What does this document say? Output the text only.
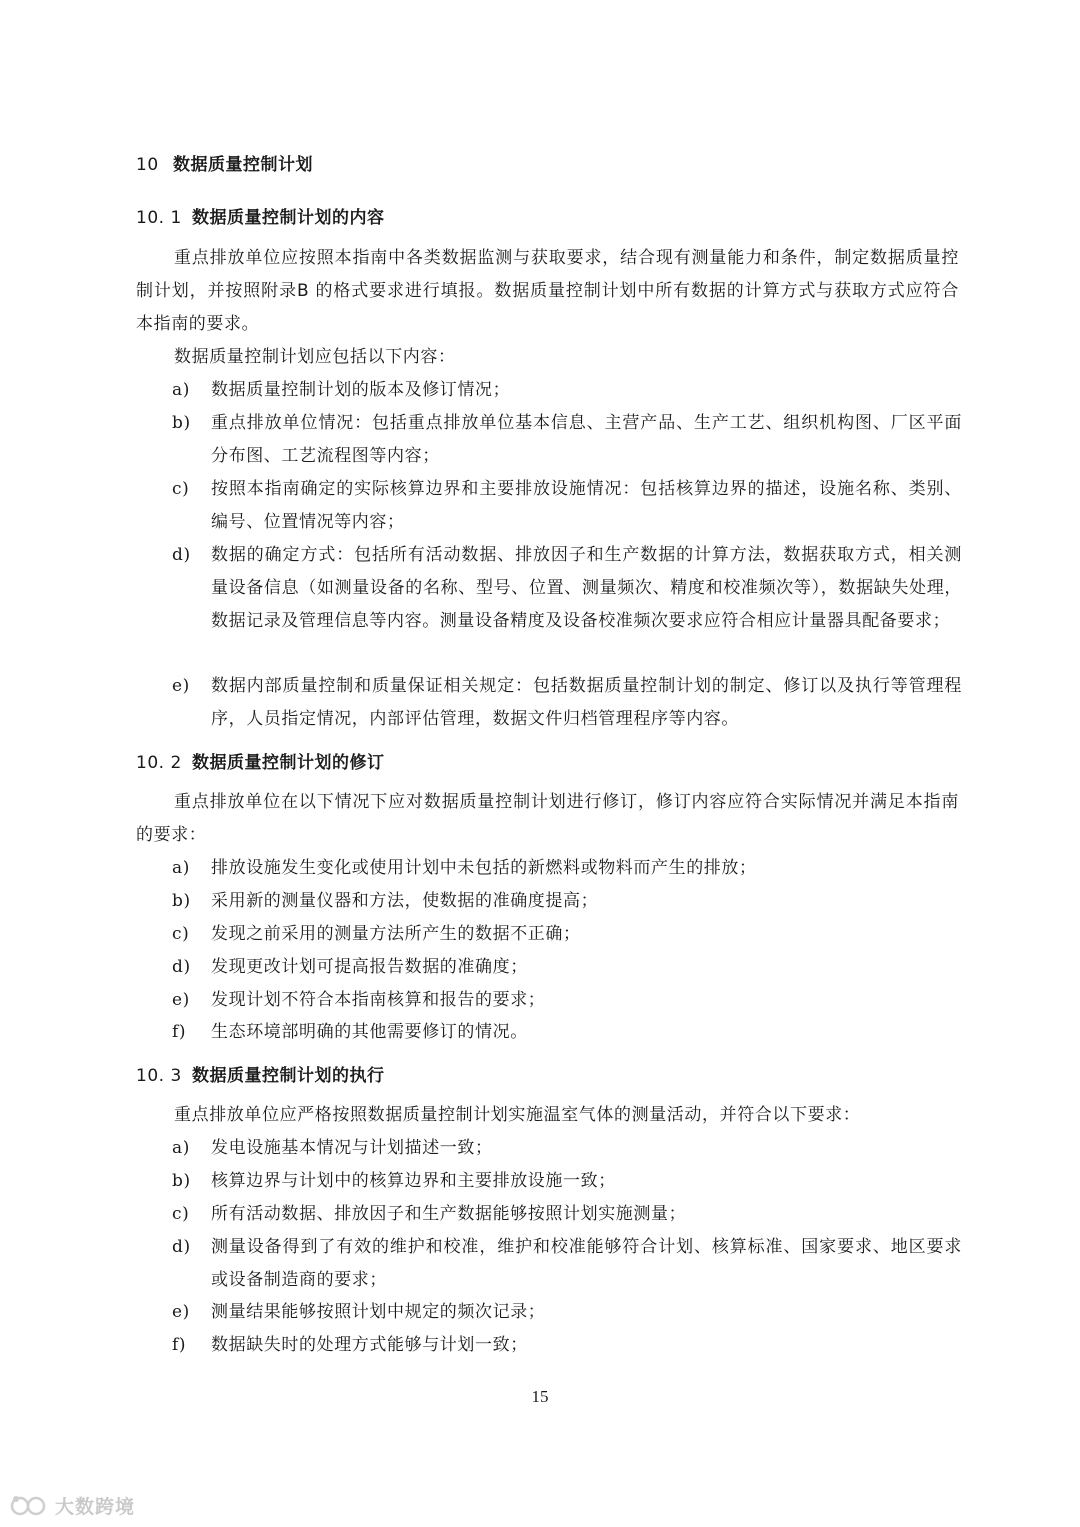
10 数据质量控制计划
10. 1 数据质量控制计划的内容

重点排放单位应按照本指南中各类数据监测与获取要求，结合现有测量能力和条件，制定数据质量控制计划，并按照附录B 的格式要求进行填报。数据质量控制计划中所有数据的计算方式与获取方式应符合本指南的要求。

数据质量控制计划应包括以下内容：

a)	数据质量控制计划的版本及修订情况；
b)	重点排放单位情况：包括重点排放单位基本信息、主营产品、生产工艺、组织机构图、厂区平面分布图、工艺流程图等内容；
c)	按照本指南确定的实际核算边界和主要排放设施情况：包括核算边界的描述，设施名称、类别、编号、位置情况等内容；
d)	数据的确定方式：包括所有活动数据、排放因子和生产数据的计算方法，数据获取方式，相关测量设备信息（如测量设备的名称、型号、位置、测量频次、精度和校准频次等），数据缺失处理，数据记录及管理信息等内容。测量设备精度及设备校准频次要求应符合相应计量器具配备要求；
e)	数据内部质量控制和质量保证相关规定：包括数据质量控制计划的制定、修订以及执行等管理程序，人员指定情况，内部评估管理，数据文件归档管理程序等内容。
10. 2 数据质量控制计划的修订

重点排放单位在以下情况下应对数据质量控制计划进行修订，修订内容应符合实际情况并满足本指南的要求：

a)	排放设施发生变化或使用计划中未包括的新燃料或物料而产生的排放；
b)	采用新的测量仪器和方法，使数据的准确度提高；
c)	发现之前采用的测量方法所产生的数据不正确；
d)	发现更改计划可提高报告数据的准确度；
e)	发现计划不符合本指南核算和报告的要求；
f)	生态环境部明确的其他需要修订的情况。
10. 3 数据质量控制计划的执行

重点排放单位应严格按照数据质量控制计划实施温室气体的测量活动，并符合以下要求：

a)	发电设施基本情况与计划描述一致；
b)	核算边界与计划中的核算边界和主要排放设施一致；
c)	所有活动数据、排放因子和生产数据能够按照计划实施测量；
d)	测量设备得到了有效的维护和校准，维护和校准能够符合计划、核算标准、国家要求、地区要求或设备制造商的要求；
e)	测量结果能够按照计划中规定的频次记录；
f)	数据缺失时的处理方式能够与计划一致；
15
大数跨境
